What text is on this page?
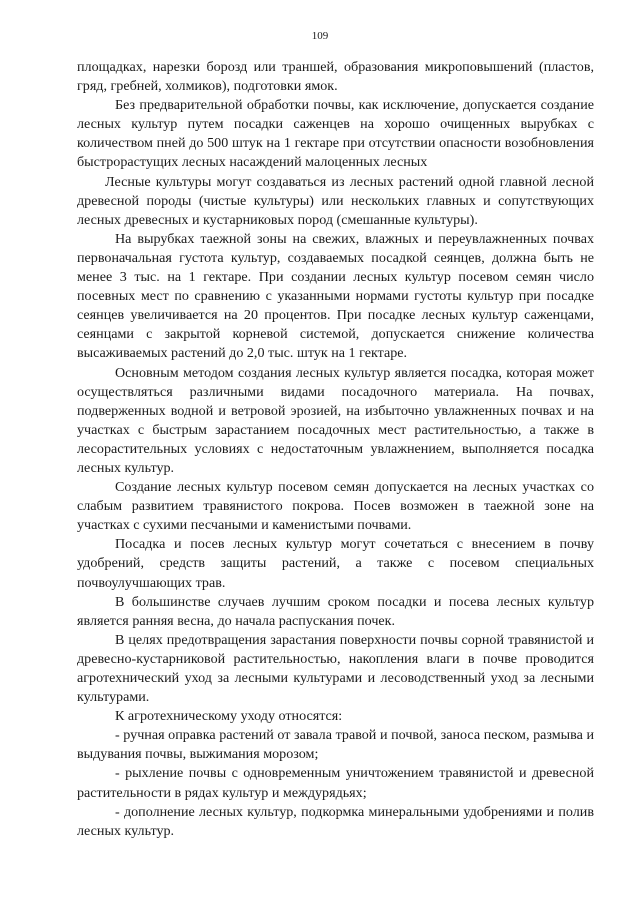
109

площадках, нарезки борозд или траншей, образования микроповышений (пластов, гряд, гребней, холмиков), подготовки ямок.

Без предварительной обработки почвы, как исключение, допускается создание лесных культур путем посадки саженцев на хорошо очищенных вырубках с количеством пней до 500 штук на 1 гектаре при отсутствии опасности возобновления быстрорастущих лесных насаждений малоценных лесных

Лесные культуры могут создаваться из лесных растений одной главной лесной древесной породы (чистые культуры) или нескольких главных и сопутствующих лесных древесных и кустарниковых пород (смешанные культуры).

На вырубках таежной зоны на свежих, влажных и переувлажненных почвах первоначальная густота культур, создаваемых посадкой сеянцев, должна быть не менее 3 тыс. на 1 гектаре. При создании лесных культур посевом семян число посевных мест по сравнению с указанными нормами густоты культур при посадке сеянцев увеличивается на 20 процентов. При посадке лесных культур саженцами, сеянцами с закрытой корневой системой, допускается снижение количества высаживаемых растений до 2,0 тыс. штук на 1 гектаре.

Основным методом создания лесных культур является посадка, которая может осуществляться различными видами посадочного материала. На почвах, подверженных водной и ветровой эрозией, на избыточно увлажненных почвах и на участках с быстрым зарастанием посадочных мест растительностью, а также в лесорастительных условиях с недостаточным увлажнением, выполняется посадка лесных культур.

Создание лесных культур посевом семян допускается на лесных участках со слабым развитием травянистого покрова. Посев возможен в таежной зоне на участках с сухими песчаными и каменистыми почвами.

Посадка и посев лесных культур могут сочетаться с внесением в почву удобрений, средств защиты растений, а также с посевом специальных почвоулучшающих трав.

В большинстве случаев лучшим сроком посадки и посева лесных культур является ранняя весна, до начала распускания почек.

В целях предотвращения зарастания поверхности почвы сорной травянистой и древесно-кустарниковой растительностью, накопления влаги в почве проводится агротехнический уход за лесными культурами и лесоводственный уход за лесными культурами.

К агротехническому уходу относятся:

- ручная оправка растений от завала травой и почвой, заноса песком, размыва и выдувания почвы, выжимания морозом;

- рыхление почвы с одновременным уничтожением травянистой и древесной растительности в рядах культур и междурядьях;

- дополнение лесных культур, подкормка минеральными удобрениями и полив лесных культур.
